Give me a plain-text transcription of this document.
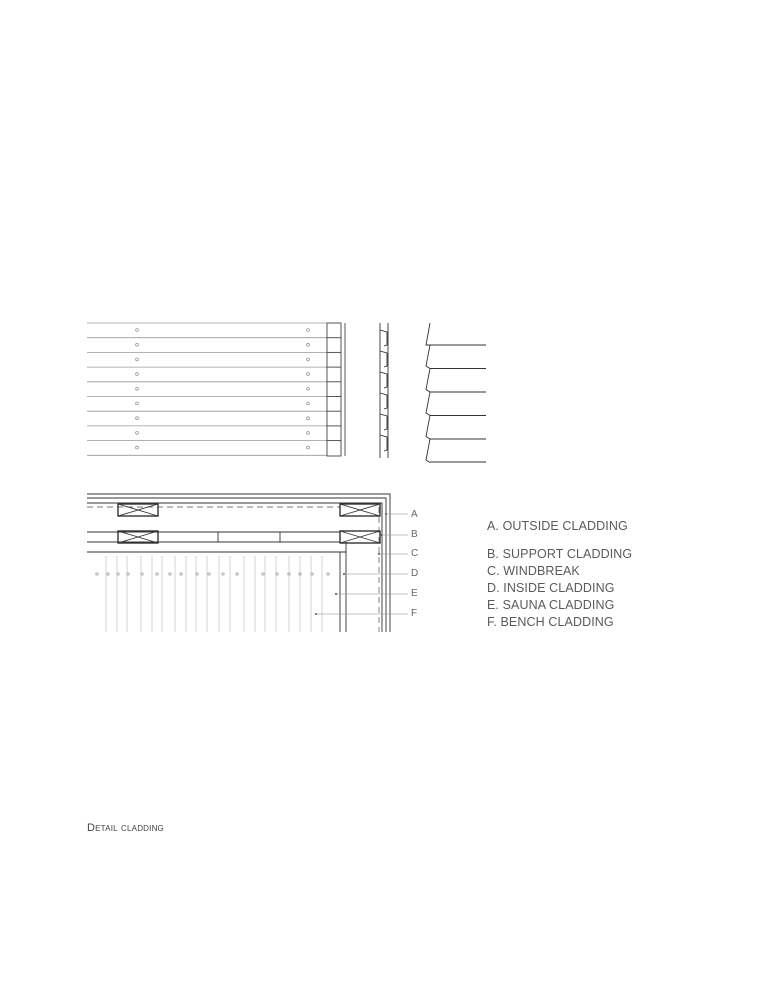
A
B
C
D
E
F
A. OUTSIDE CLADDING
B. SUPPORT CLADDING
C. WINDBREAK
D. INSIDE CLADDING
E. SAUNA CLADDING
F. BENCH CLADDING
Detail cladding
